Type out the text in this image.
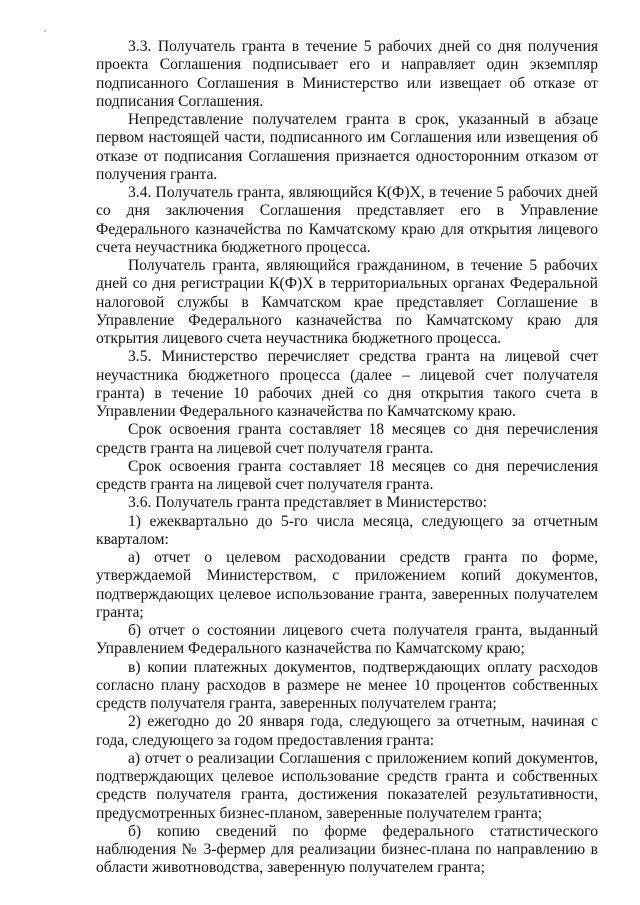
3.3. Получатель гранта в течение 5 рабочих дней со дня получения проекта Соглашения подписывает его и направляет один экземпляр подписанного Соглашения в Министерство или извещает об отказе от подписания Соглашения.

Непредставление получателем гранта в срок, указанный в абзаце первом настоящей части, подписанного им Соглашения или извещения об отказе от подписания Соглашения признается односторонним отказом от получения гранта.

3.4. Получатель гранта, являющийся К(Ф)Х, в течение 5 рабочих дней со дня заключения Соглашения представляет его в Управление Федерального казначейства по Камчатскому краю для открытия лицевого счета неучастника бюджетного процесса.

Получатель гранта, являющийся гражданином, в течение 5 рабочих дней со дня регистрации К(Ф)Х в территориальных органах Федеральной налоговой службы в Камчатском крае представляет Соглашение в Управление Федерального казначейства по Камчатскому краю для открытия лицевого счета неучастника бюджетного процесса.

3.5. Министерство перечисляет средства гранта на лицевой счет неучастника бюджетного процесса (далее – лицевой счет получателя гранта) в течение 10 рабочих дней со дня открытия такого счета в Управлении Федерального казначейства по Камчатскому краю.

Срок освоения гранта составляет 18 месяцев со дня перечисления средств гранта на лицевой счет получателя гранта.

Срок освоения гранта составляет 18 месяцев со дня перечисления средств гранта на лицевой счет получателя гранта.

3.6. Получатель гранта представляет в Министерство:

1) ежеквартально до 5-го числа месяца, следующего за отчетным кварталом:

а) отчет о целевом расходовании средств гранта по форме, утверждаемой Министерством, с приложением копий документов, подтверждающих целевое использование гранта, заверенных получателем гранта;

б) отчет о состоянии лицевого счета получателя гранта, выданный Управлением Федерального казначейства по Камчатскому краю;

в) копии платежных документов, подтверждающих оплату расходов согласно плану расходов в размере не менее 10 процентов собственных средств получателя гранта, заверенных получателем гранта;

2) ежегодно до 20 января года, следующего за отчетным, начиная с года, следующего за годом предоставления гранта:

а) отчет о реализации Соглашения с приложением копий документов, подтверждающих целевое использование средств гранта и собственных средств получателя гранта, достижения показателей результативности, предусмотренных бизнес-планом, заверенные получателем гранта;

б) копию сведений по форме федерального статистического наблюдения № 3-фермер для реализации бизнес-плана по направлению в области животноводства, заверенную получателем гранта;
